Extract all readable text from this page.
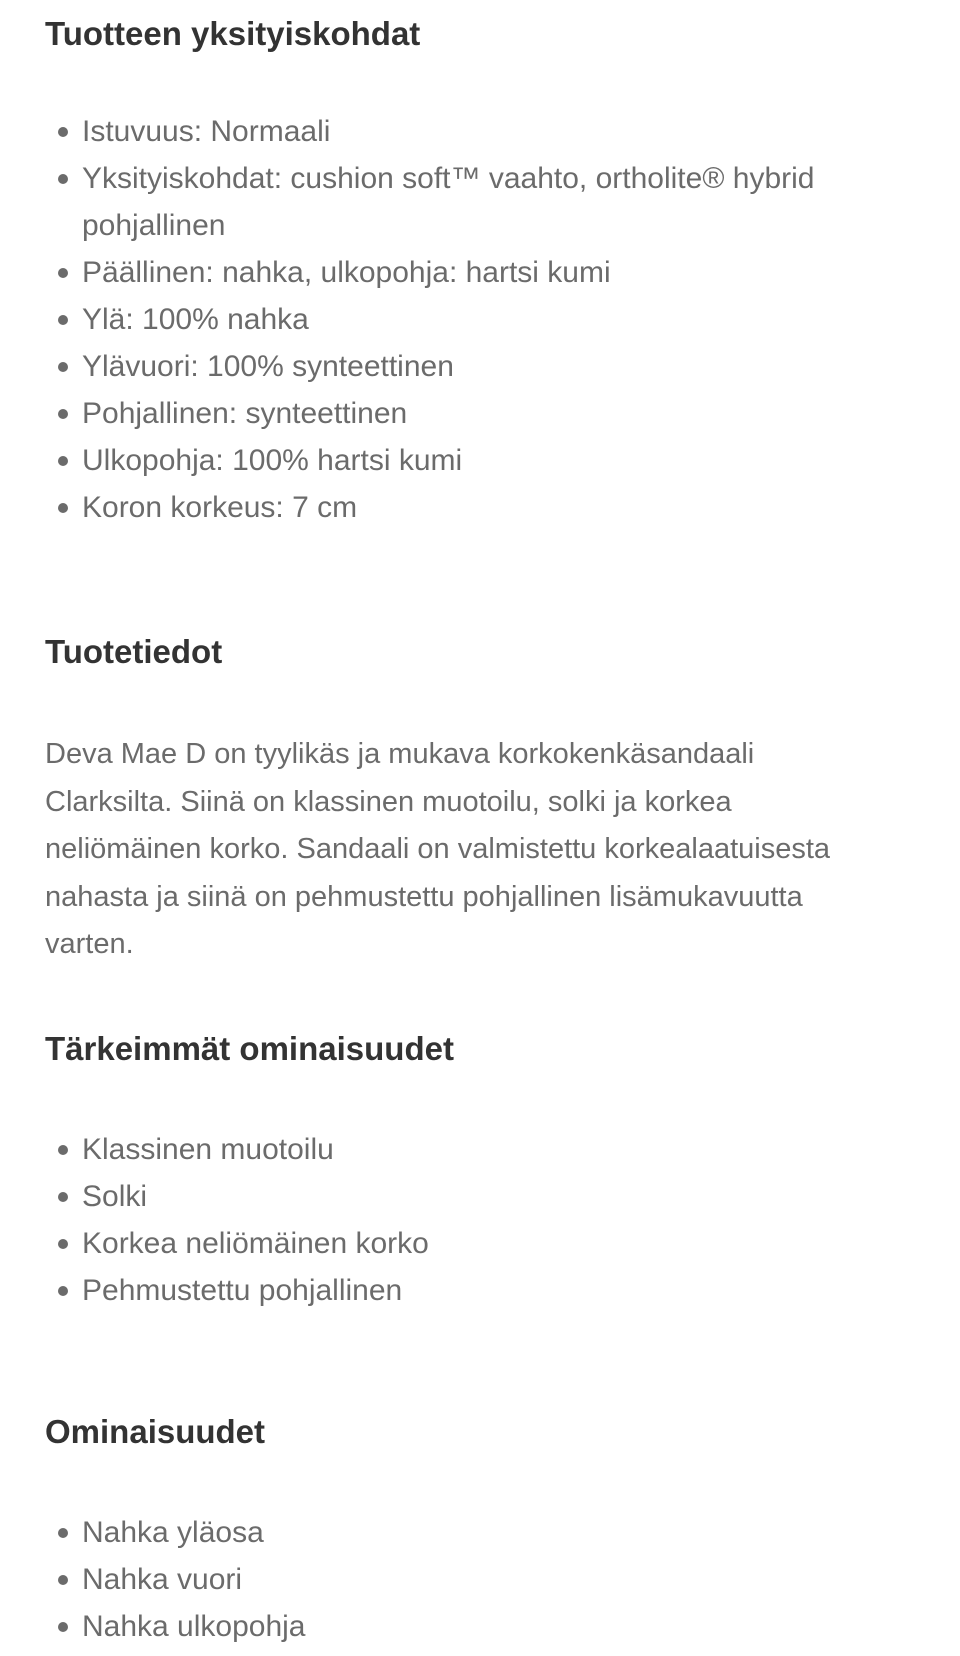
Tuotteen yksityiskohdat
Istuvuus: Normaali
Yksityiskohdat: cushion soft™ vaahto, ortholite® hybrid pohjallinen
Päällinen: nahka, ulkopohja: hartsi kumi
Ylä: 100% nahka
Ylävuori: 100% synteettinen
Pohjallinen: synteettinen
Ulkopohja: 100% hartsi kumi
Koron korkeus: 7 cm
Tuotetiedot

Deva Mae D on tyylikäs ja mukava korkokenkäsandaali Clarksilta. Siinä on klassinen muotoilu, solki ja korkea neliömäinen korko. Sandaali on valmistettu korkealaatuisesta nahasta ja siinä on pehmustettu pohjallinen lisämukavuutta varten.

Tärkeimmät ominaisuudet
Klassinen muotoilu
Solki
Korkea neliömäinen korko
Pehmustettu pohjallinen
Ominaisuudet
Nahka yläosa
Nahka vuori
Nahka ulkopohja
